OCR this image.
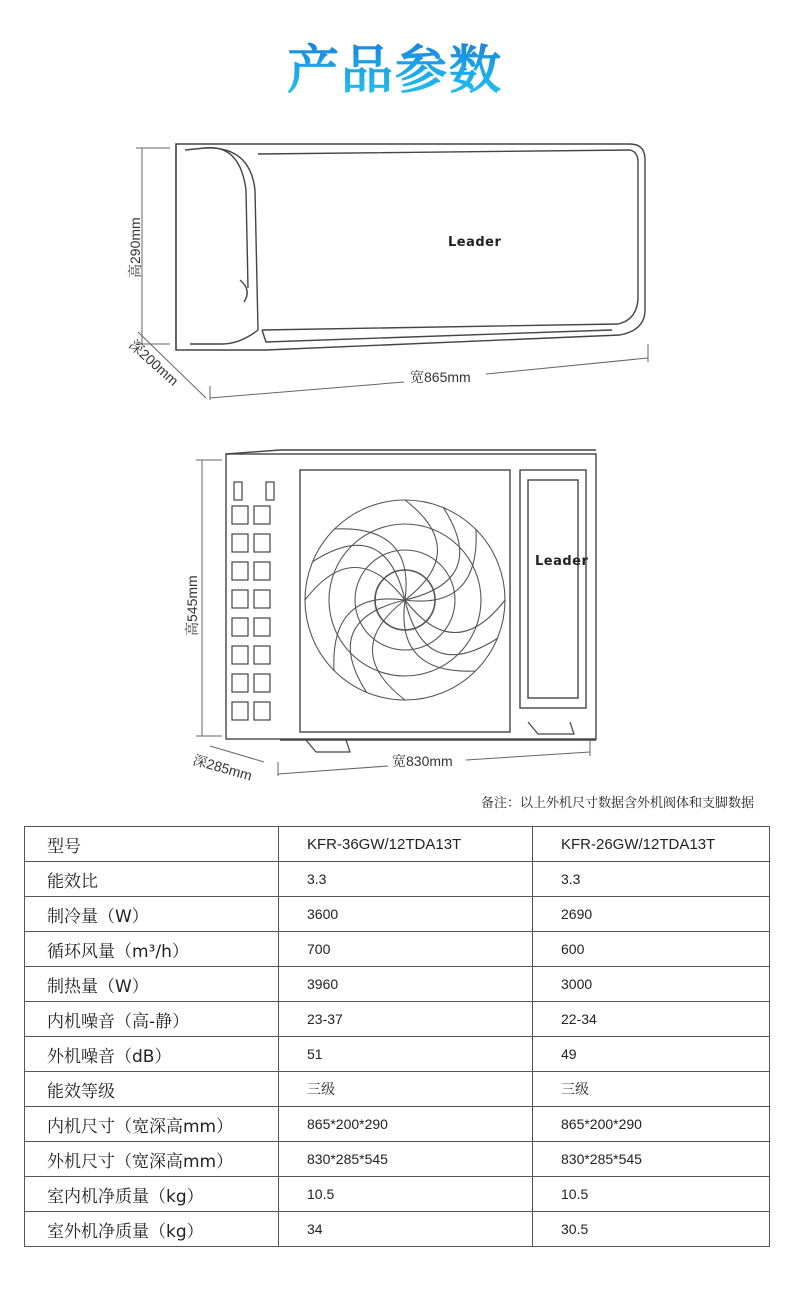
产品参数
Leader
高290mm
深200mm	宽865mm
Leader
高545mm
深285mm	宽830mm
备注：以上外机尺寸数据含外机阀体和支脚数据
型号	KFR-36GW/12TDA13T	KFR-26GW/12TDA13T
能效比	3.3	3.3
制冷量（W）	3600	2690
循环风量（m³/h）	700	600
制热量（W）	3960	3000
内机噪音（高-静）	23-37	22-34
外机噪音（dB）	51	49
能效等级	三级	三级
内机尺寸（宽深高mm）	865*200*290	865*200*290
外机尺寸（宽深高mm）	830*285*545	830*285*545
室内机净质量（kg）	10.5	10.5
室外机净质量（kg）	34	30.5
